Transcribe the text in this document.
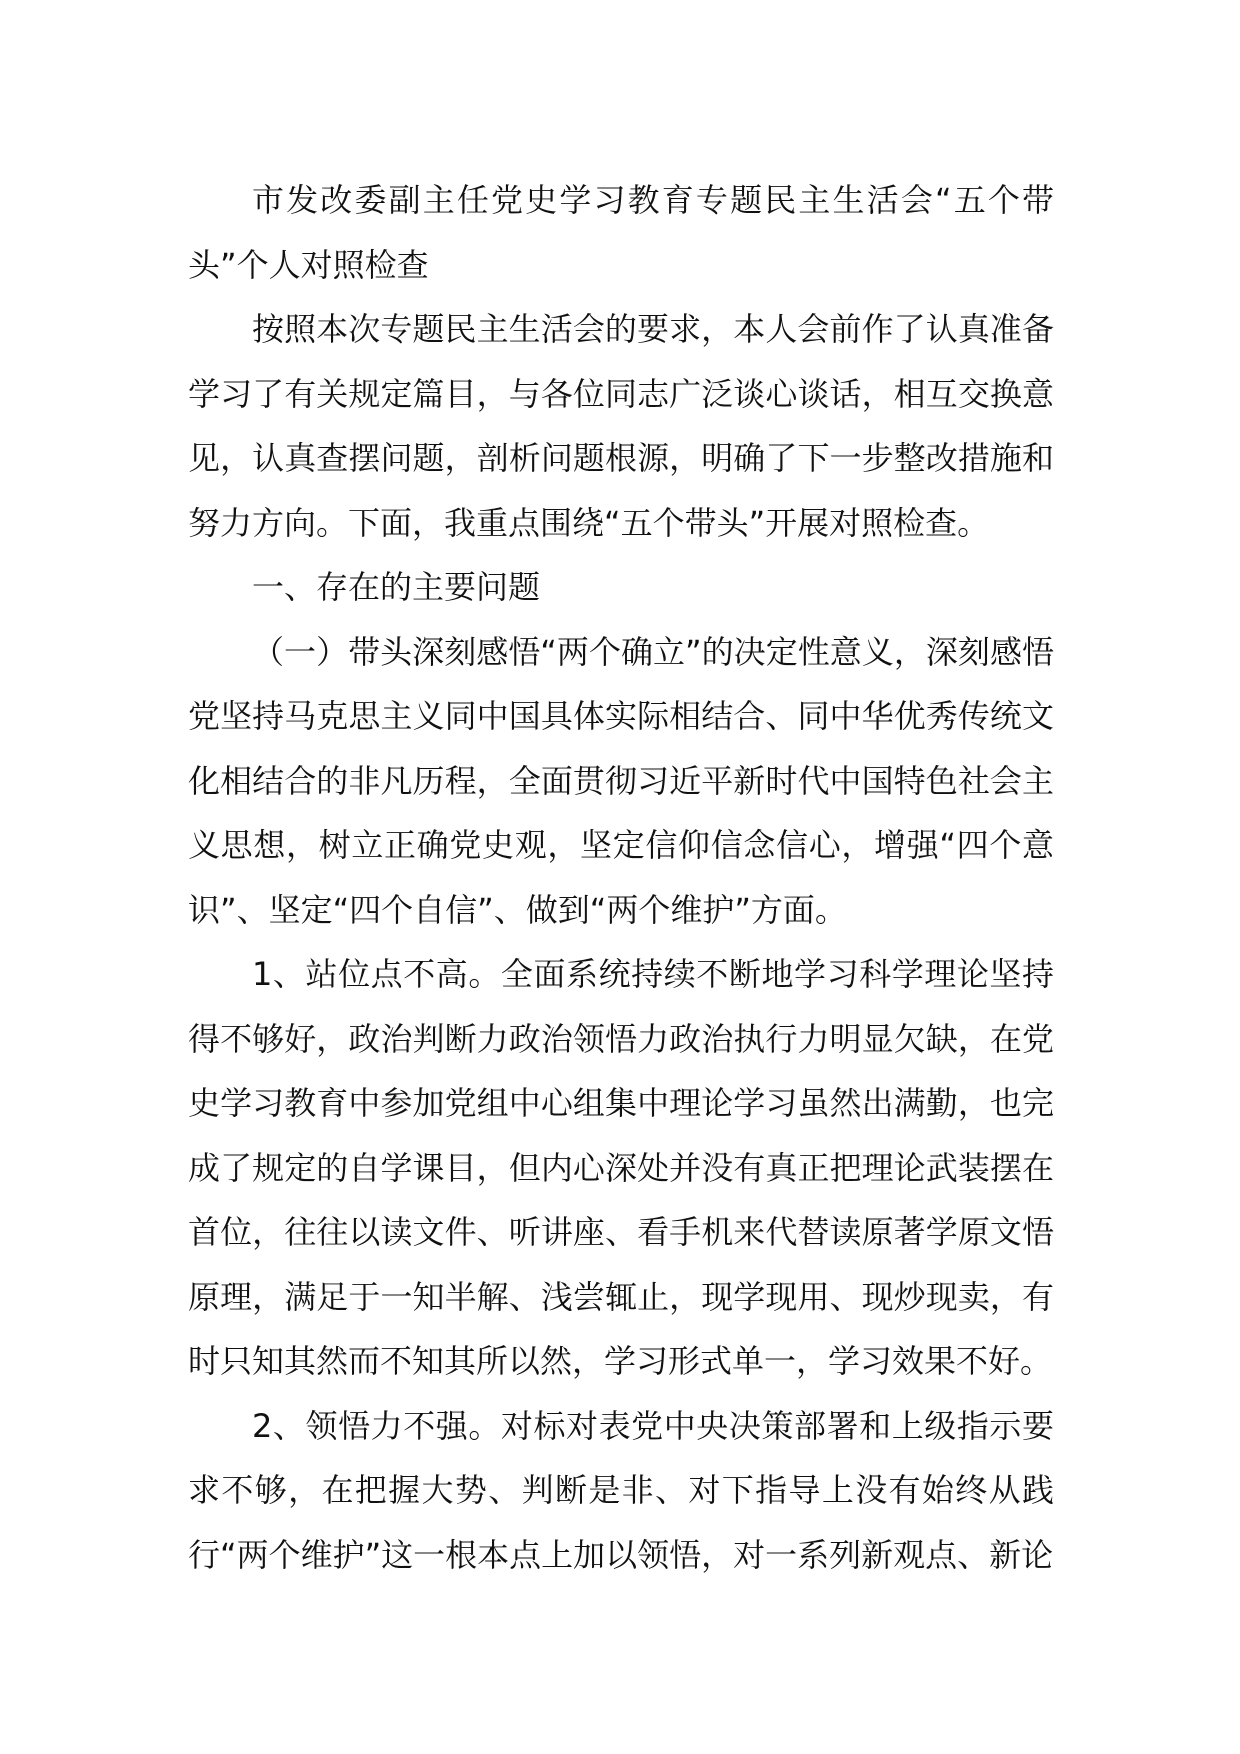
市发改委副主任党史学习教育专题民主生活会“五个带头”个人对照检查

按照本次专题民主生活会的要求，本人会前作了认真准备学习了有关规定篇目，与各位同志广泛谈心谈话，相互交换意见，认真查摆问题，剖析问题根源，明确了下一步整改措施和努力方向。下面，我重点围绕“五个带头”开展对照检查。

一、存在的主要问题

（一）带头深刻感悟“两个确立”的决定性意义，深刻感悟党坚持马克思主义同中国具体实际相结合、同中华优秀传统文化相结合的非凡历程，全面贯彻习近平新时代中国特色社会主义思想，树立正确党史观，坚定信仰信念信心，增强“四个意识”、坚定“四个自信”、做到“两个维护”方面。

1、站位点不高。全面系统持续不断地学习科学理论坚持得不够好，政治判断力政治领悟力政治执行力明显欠缺，在党史学习教育中参加党组中心组集中理论学习虽然出满勤，也完成了规定的自学课目，但内心深处并没有真正把理论武装摆在首位，往往以读文件、听讲座、看手机来代替读原著学原文悟原理，满足于一知半解、浅尝辄止，现学现用、现炒现卖，有时只知其然而不知其所以然，学习形式单一，学习效果不好。

2、领悟力不强。对标对表党中央决策部署和上级指示要求不够，在把握大势、判断是非、对下指导上没有始终从践行“两个维护”这一根本点上加以领悟，对一系列新观点、新论
